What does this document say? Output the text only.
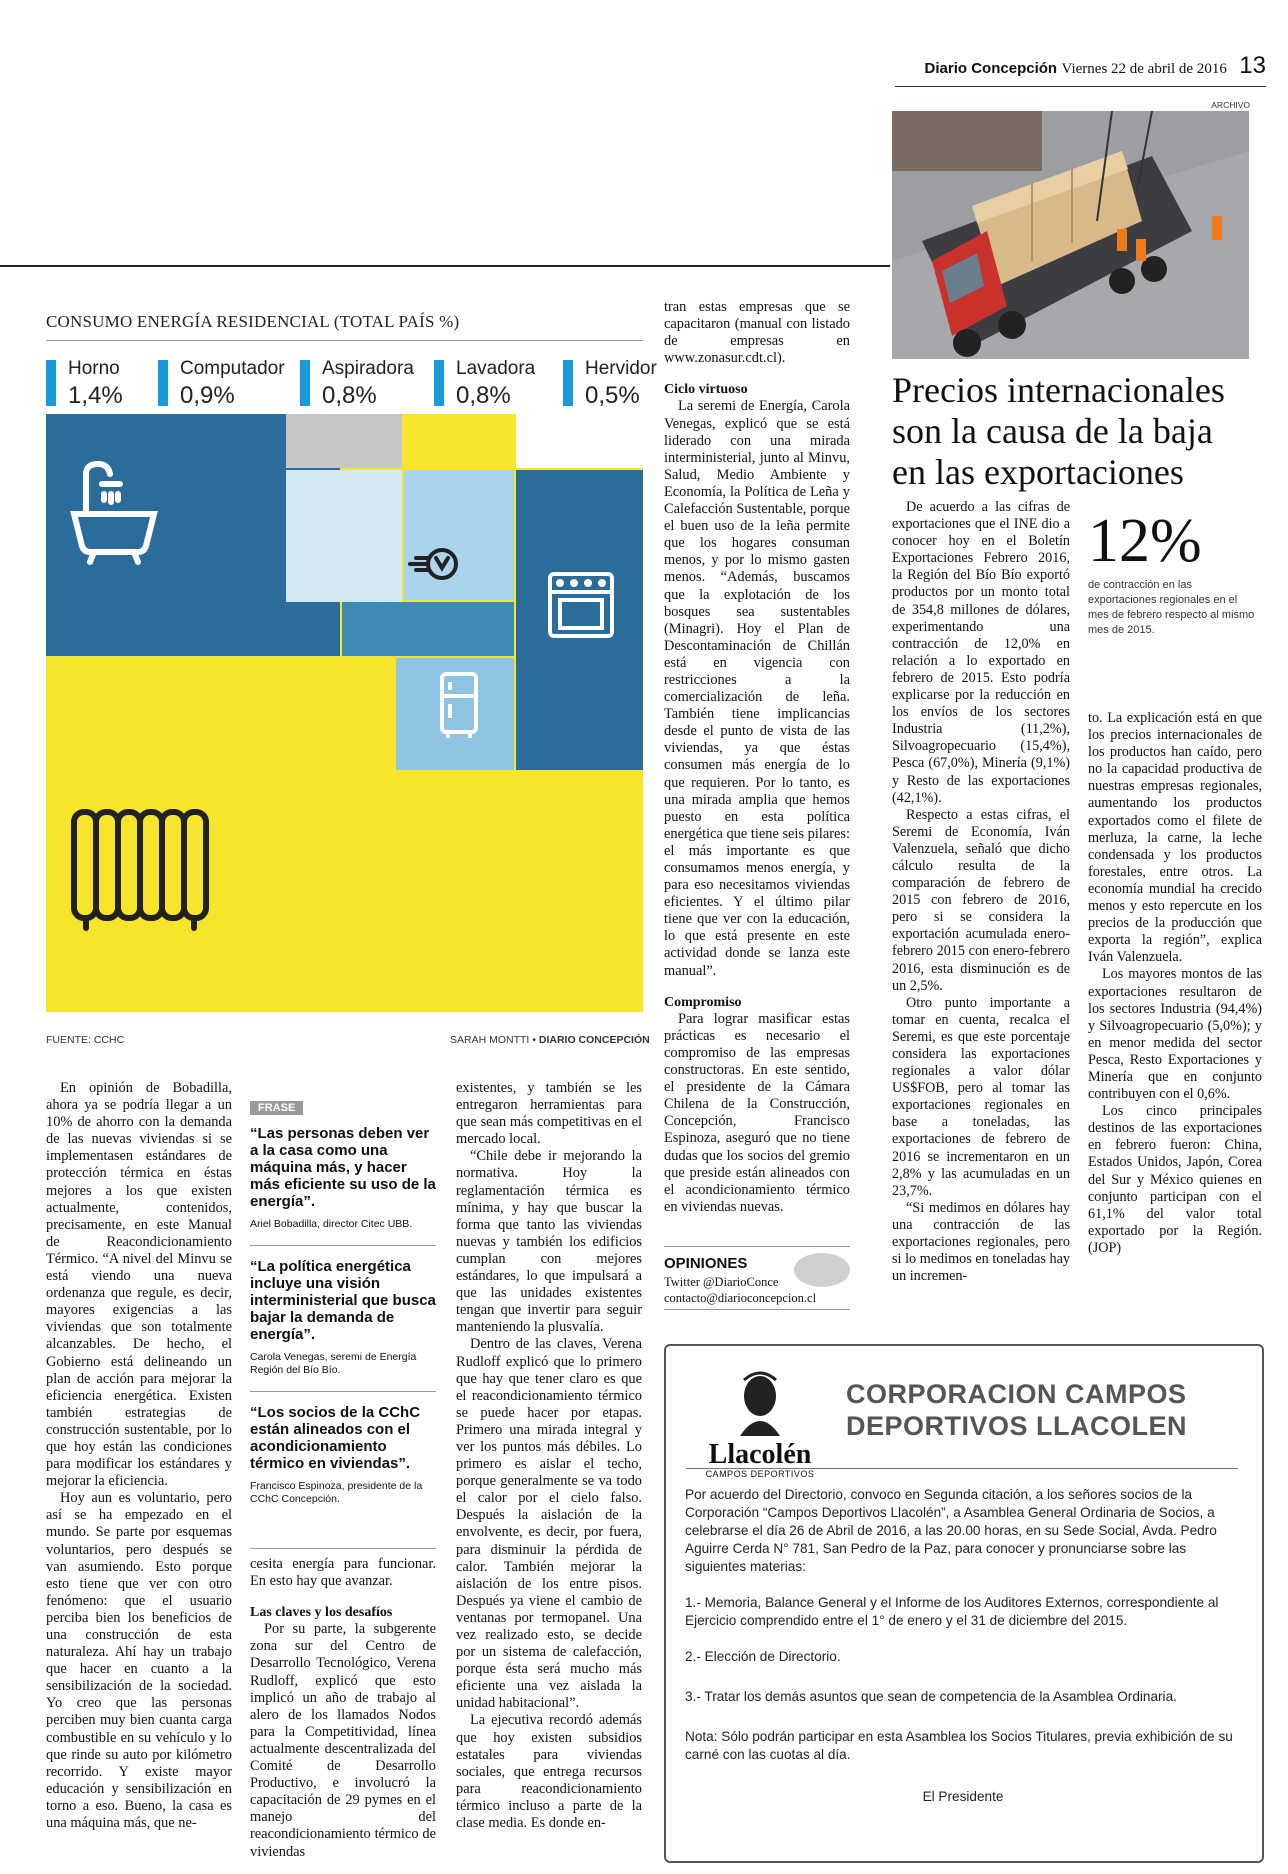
Diario Concepción Viernes 22 de abril de 2016 13
ARCHIVO
CONSUMO ENERGÍA RESIDENCIAL (TOTAL PAÍS %)
Horno
1,4%
Computador
0,9%
Aspiradora
0,8%
Lavadora
0,8%
Hervidor
0,5%
FUENTE: CCHC	SARAH MONTTI • DIARIO CONCEPCIÓN

En opinión de Bobadilla, ahora ya se podría llegar a un 10% de ahorro con la demanda de las nuevas viviendas si se implementasen estándares de protección térmica en éstas mejores a los que existen actualmente, contenidos, precisamente, en este Manual de Reacondicionamiento Térmico. “A nivel del Minvu se está viendo una nueva ordenanza que regule, es decir, mayores exigencias a las viviendas que son totalmente alcanzables. De hecho, el Gobierno está delineando un plan de acción para mejorar la eficiencia energética. Existen también estrategias de construcción sustentable, por lo que hoy están las condiciones para modificar los estándares y mejorar la eficiencia.

Hoy aun es voluntario, pero así se ha empezado en el mundo. Se parte por esquemas voluntarios, pero después se van asumiendo. Esto porque esto tiene que ver con otro fenómeno: que el usuario perciba bien los beneficios de una construcción de esta naturaleza. Ahí hay un trabajo que hacer en cuanto a la sensibilización de la sociedad. Yo creo que las personas perciben muy bien cuanta carga combustible en su vehículo y lo que rinde su auto por kilómetro recorrido. Y existe mayor educación y sensibilización en torno a eso. Bueno, la casa es una máquina más, que ne-

FRASE
“Las personas deben ver a la casa como una máquina más, y hacer más eficiente su uso de la energía”.
Ariel Bobadilla, director Citec UBB.
“La política energética incluye una visión interministerial que busca bajar la demanda de energía”.
Carola Venegas, seremi de Energía Región del Bío Bío.
“Los socios de la CChC están alineados con el acondicionamiento térmico en viviendas”.
Francisco Espinoza, presidente de la CChC Concepción.

cesita energía para funcionar. En esto hay que avanzar.

Las claves y los desafíos

Por su parte, la subgerente zona sur del Centro de Desarrollo Tecnológico, Verena Rudloff, explicó que esto implicó un año de trabajo al alero de los llamados Nodos para la Competitividad, línea actualmente descentralizada del Comité de Desarrollo Productivo, e involucró la capacitación de 29 pymes en el manejo del reacondicionamiento térmico de viviendas

existentes, y también se les entregaron herramientas para que sean más competitivas en el mercado local.

“Chile debe ir mejorando la normativa. Hoy la reglamentación térmica es mínima, y hay que buscar la forma que tanto las viviendas nuevas y también los edificios cumplan con mejores estándares, lo que impulsará a que las unidades existentes tengan que invertir para seguir manteniendo la plusvalía.

Dentro de las claves, Verena Rudloff explicó que lo primero que hay que tener claro es que el reacondicionamiento térmico se puede hacer por etapas. Primero una mirada integral y ver los puntos más débiles. Lo primero es aislar el techo, porque generalmente se va todo el calor por el cielo falso. Después la aislación de la envolvente, es decir, por fuera, para disminuir la pérdida de calor. También mejorar la aislación de los entre pisos. Después ya viene el cambio de ventanas por termopanel. Una vez realizado esto, se decide por un sistema de calefacción, porque ésta será mucho más eficiente una vez aislada la unidad habitacional”.

La ejecutiva recordó además que hoy existen subsidios estatales para viviendas sociales, que entrega recursos para reacondicionamiento térmico incluso a parte de la clase media. Es donde en-

tran estas empresas que se capacitaron (manual con listado de empresas en www.zonasur.cdt.cl).

Ciclo virtuoso

La seremi de Energía, Carola Venegas, explicó que se está liderado con una mirada interministerial, junto al Minvu, Salud, Medio Ambiente y Economía, la Política de Leña y Calefacción Sustentable, porque el buen uso de la leña permite que los hogares consuman menos, y por lo mismo gasten menos. “Además, buscamos que la explotación de los bosques sea sustentables (Minagri). Hoy el Plan de Descontaminación de Chillán está en vigencia con restricciones a la comercialización de leña. También tiene implicancias desde el punto de vista de las viviendas, ya que éstas consumen más energía de lo que requieren. Por lo tanto, es una mirada amplia que hemos puesto en esta política energética que tiene seis pilares: el más importante es que consumamos menos energía, y para eso necesitamos viviendas eficientes. Y el último pilar tiene que ver con la educación, lo que está presente en este actividad donde se lanza este manual”.

Compromiso

Para lograr masificar estas prácticas es necesario el compromiso de las empresas constructoras. En este sentido, el presidente de la Cámara Chilena de la Construcción, Concepción, Francisco Espinoza, aseguró que no tiene dudas que los socios del gremio que preside están alineados con el acondicionamiento térmico en viviendas nuevas.

OPINIONES
Twitter @DiarioConce
contacto@diarioconcepcion.cl
Precios internacionales son la causa de la baja en las exportaciones
12%
de contracción en las exportaciones regionales en el mes de febrero respecto al mismo mes de 2015.

De acuerdo a las cifras de exportaciones que el INE dio a conocer hoy en el Boletín Exportaciones Febrero 2016, la Región del Bío Bío exportó productos por un monto total de 354,8 millones de dólares, experimentando una contracción de 12,0% en relación a lo exportado en febrero de 2015. Esto podría explicarse por la reducción en los envíos de los sectores Industria (11,2%), Silvoagropecuario (15,4%), Pesca (67,0%), Minería (9,1%) y Resto de las exportaciones (42,1%).

Respecto a estas cifras, el Seremi de Economía, Iván Valenzuela, señaló que dicho cálculo resulta de la comparación de febrero de 2015 con febrero de 2016, pero si se considera la exportación acumulada enero-febrero 2015 con enero-febrero 2016, esta disminución es de un 2,5%.

Otro punto importante a tomar en cuenta, recalca el Seremi, es que este porcentaje considera las exportaciones regionales a valor dólar US$FOB, pero al tomar las exportaciones regionales en base a toneladas, las exportaciones de febrero de 2016 se incrementaron en un 2,8% y las acumuladas en un 23,7%.

“Si medimos en dólares hay una contracción de las exportaciones regionales, pero si lo medimos en toneladas hay un incremen-

to. La explicación está en que los precios internacionales de los productos han caído, pero no la capacidad productiva de nuestras empresas regionales, aumentando los productos exportados como el filete de merluza, la carne, la leche condensada y los productos forestales, entre otros. La economía mundial ha crecido menos y esto repercute en los precios de la producción que exporta la región”, explica Iván Valenzuela.

Los mayores montos de las exportaciones resultaron de los sectores Industria (94,4%) y Silvoagropecuario (5,0%); y en menor medida del sector Pesca, Resto Exportaciones y Minería que en conjunto contribuyen con el 0,6%.

Los cinco principales destinos de las exportaciones en febrero fueron: China, Estados Unidos, Japón, Corea del Sur y México quienes en conjunto participan con el 61,1% del valor total exportado por la Región. (JOP)

Llacolén
CAMPOS DEPORTIVOS
CORPORACION CAMPOS
DEPORTIVOS LLACOLEN

Por acuerdo del Directorio, convoco en Segunda citación, a los señores socios de la Corporación “Campos Deportivos Llacolén”, a Asamblea General Ordinaria de Socios, a celebrarse el día 26 de Abril de 2016, a las 20.00 horas, en su Sede Social, Avda. Pedro Aguirre Cerda N° 781, San Pedro de la Paz, para conocer y pronunciarse sobre las siguientes materias:

1.- Memoria, Balance General y el Informe de los Auditores Externos, correspondiente al Ejercicio comprendido entre el 1° de enero y el 31 de diciembre del 2015.

2.- Elección de Directorio.

3.- Tratar los demás asuntos que sean de competencia de la Asamblea Ordinaria.

Nota: Sólo podrán participar en esta Asamblea los Socios Titulares, previa exhibición de su carné con las cuotas al día.

El Presidente
